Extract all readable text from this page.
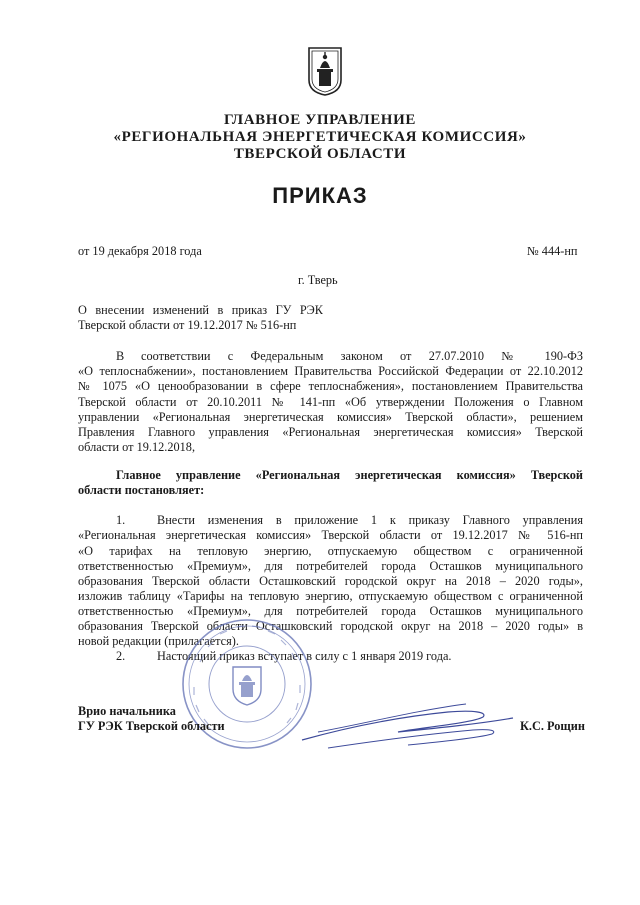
ГЛАВНОЕ УПРАВЛЕНИЕ
«РЕГИОНАЛЬНАЯ ЭНЕРГЕТИЧЕСКАЯ КОМИССИЯ»
ТВЕРСКОЙ ОБЛАСТИ
ПРИКАЗ
от 19 декабря 2018 года	№ 444-нп
г. Тверь
О внесении изменений в приказ ГУ РЭК
Тверской области от 19.12.2017 № 516-нп
В соответствии с Федеральным законом от 27.07.2010 № 190-ФЗ
«О теплоснабжении», постановлением Правительства Российской Федерации от 22.10.2012
№ 1075 «О ценообразовании в сфере теплоснабжения», постановлением Правительства
Тверской области от 20.10.2011 № 141-пп «Об утверждении Положения о Главном
управлении «Региональная энергетическая комиссия» Тверской области», решением
Правления Главного управления «Региональная энергетическая комиссия» Тверской
области от 19.12.2018,
Главное управление «Региональная энергетическая комиссия» Тверской
области постановляет:
1.	Внести изменения в приложение 1 к приказу Главного управления
«Региональная энергетическая комиссия» Тверской области от 19.12.2017 № 516-нп
«О тарифах на тепловую энергию, отпускаемую обществом с ограниченной
ответственностью «Премиум», для потребителей города Осташков муниципального
образования Тверской области Осташковский городской округ на 2018 – 2020 годы»,
изложив таблицу «Тарифы на тепловую энергию, отпускаемую обществом с ограниченной
ответственностью «Премиум», для потребителей города Осташков муниципального
образования Тверской области Осташковский городской округ на 2018 – 2020 годы» в
новой редакции (прилагается).
2.	Настоящий приказ вступает в силу с 1 января 2019 года.
Врио начальника
ГУ РЭК Тверской области	К.С. Рощин
